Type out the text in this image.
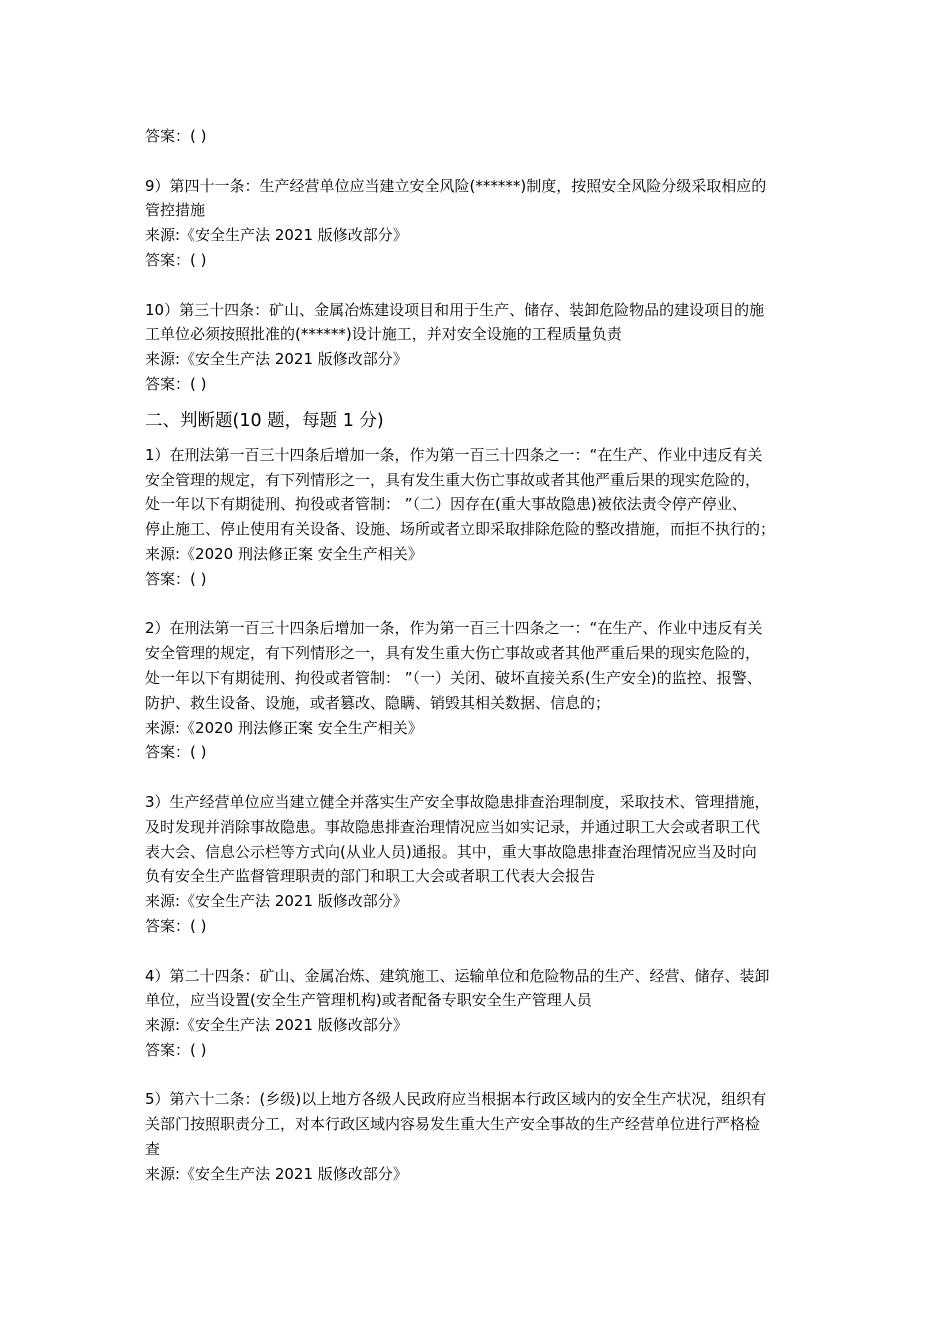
答案：( )
9）第四十一条：生产经营单位应当建立安全风险(******)制度，按照安全风险分级采取相应的
管控措施
来源:《安全生产法 2021 版修改部分》
答案：( )
10）第三十四条：矿山、金属冶炼建设项目和用于生产、储存、装卸危险物品的建设项目的施
工单位必须按照批准的(******)设计施工，并对安全设施的工程质量负责
来源:《安全生产法 2021 版修改部分》
答案：( )
二、判断题(10 题，每题 1 分)
1）在刑法第一百三十四条后增加一条，作为第一百三十四条之一：“在生产、作业中违反有关
安全管理的规定，有下列情形之一，具有发生重大伤亡事故或者其他严重后果的现实危险的，
处一年以下有期徒刑、拘役或者管制： ”（二）因存在(重大事故隐患)被依法责令停产停业、
停止施工、停止使用有关设备、设施、场所或者立即采取排除危险的整改措施，而拒不执行的；
来源:《2020 刑法修正案 安全生产相关》
答案：( )
2）在刑法第一百三十四条后增加一条，作为第一百三十四条之一：“在生产、作业中违反有关
安全管理的规定，有下列情形之一，具有发生重大伤亡事故或者其他严重后果的现实危险的，
处一年以下有期徒刑、拘役或者管制： ”（一）关闭、破坏直接关系(生产安全)的监控、报警、
防护、救生设备、设施，或者篡改、隐瞒、销毁其相关数据、信息的；
来源:《2020 刑法修正案 安全生产相关》
答案：( )
3）生产经营单位应当建立健全并落实生产安全事故隐患排查治理制度，采取技术、管理措施，
及时发现并消除事故隐患。事故隐患排查治理情况应当如实记录，并通过职工大会或者职工代
表大会、信息公示栏等方式向(从业人员)通报。其中，重大事故隐患排查治理情况应当及时向
负有安全生产监督管理职责的部门和职工大会或者职工代表大会报告
来源:《安全生产法 2021 版修改部分》
答案：( )
4）第二十四条：矿山、金属冶炼、建筑施工、运输单位和危险物品的生产、经营、储存、装卸
单位，应当设置(安全生产管理机构)或者配备专职安全生产管理人员
来源:《安全生产法 2021 版修改部分》
答案：( )
5）第六十二条：(乡级)以上地方各级人民政府应当根据本行政区域内的安全生产状况，组织有
关部门按照职责分工，对本行政区域内容易发生重大生产安全事故的生产经营单位进行严格检
查
来源:《安全生产法 2021 版修改部分》
